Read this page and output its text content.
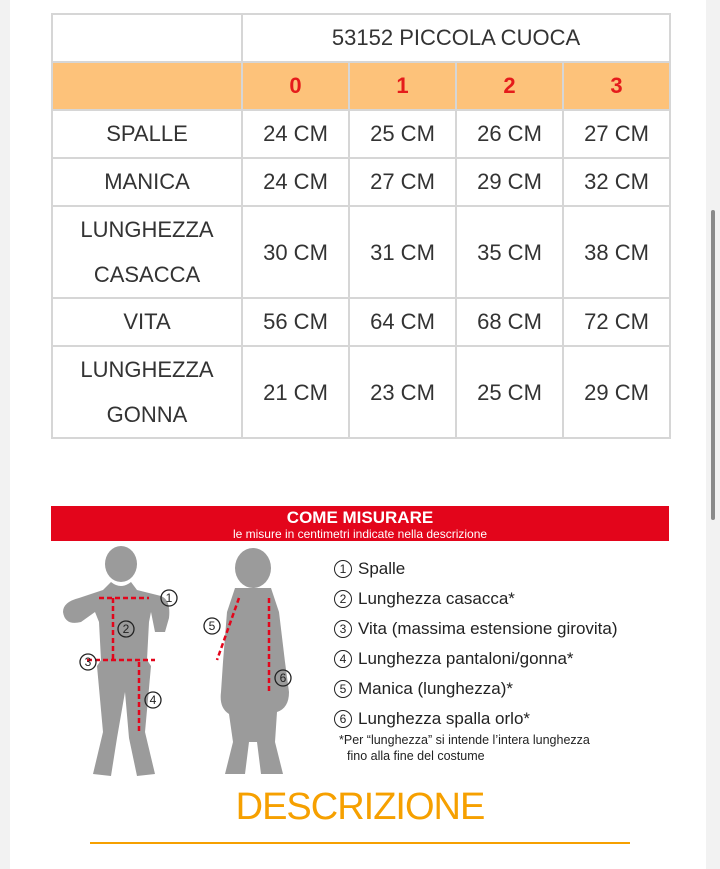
	53152 PICCOLA CUOCA			
	0	1	2	3
SPALLE	24 CM	25 CM	26 CM	27 CM
MANICA	24 CM	27 CM	29 CM	32 CM
LUNGHEZZA
CASACCA	30 CM	31 CM	35 CM	38 CM
VITA	56 CM	64 CM	68 CM	72 CM
LUNGHEZZA
GONNA	21 CM	23 CM	25 CM	29 CM
COME MISURARE
le misure in centimetri indicate nella descrizione
1
2
3
4
5
6
1 Spalle
2 Lunghezza casacca*
3 Vita (massima estensione girovita)
4 Lunghezza pantaloni/gonna*
5 Manica (lunghezza)*
6 Lunghezza spalla orlo*
*Per “lunghezza” si intende l’intera lunghezza
fino alla fine del costume
DESCRIZIONE
